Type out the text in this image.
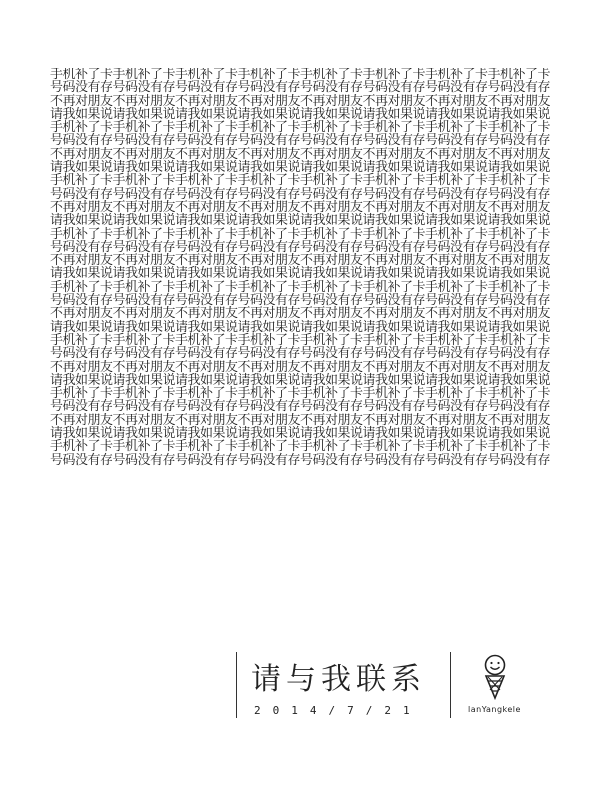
手机补了卡手机补了卡手机补了卡手机补了卡手机补了卡手机补了卡手机补了卡手机补了卡
号码没有存号码没有存号码没有存号码没有存号码没有存号码没有存号码没有存号码没有存
不再对朋友不再对朋友不再对朋友不再对朋友不再对朋友不再对朋友不再对朋友不再对朋友
请我如果说请我如果说请我如果说请我如果说请我如果说请我如果说请我如果说请我如果说
手机补了卡手机补了卡手机补了卡手机补了卡手机补了卡手机补了卡手机补了卡手机补了卡
号码没有存号码没有存号码没有存号码没有存号码没有存号码没有存号码没有存号码没有存
不再对朋友不再对朋友不再对朋友不再对朋友不再对朋友不再对朋友不再对朋友不再对朋友
请我如果说请我如果说请我如果说请我如果说请我如果说请我如果说请我如果说请我如果说
手机补了卡手机补了卡手机补了卡手机补了卡手机补了卡手机补了卡手机补了卡手机补了卡
号码没有存号码没有存号码没有存号码没有存号码没有存号码没有存号码没有存号码没有存
不再对朋友不再对朋友不再对朋友不再对朋友不再对朋友不再对朋友不再对朋友不再对朋友
请我如果说请我如果说请我如果说请我如果说请我如果说请我如果说请我如果说请我如果说
手机补了卡手机补了卡手机补了卡手机补了卡手机补了卡手机补了卡手机补了卡手机补了卡
号码没有存号码没有存号码没有存号码没有存号码没有存号码没有存号码没有存号码没有存
不再对朋友不再对朋友不再对朋友不再对朋友不再对朋友不再对朋友不再对朋友不再对朋友
请我如果说请我如果说请我如果说请我如果说请我如果说请我如果说请我如果说请我如果说
手机补了卡手机补了卡手机补了卡手机补了卡手机补了卡手机补了卡手机补了卡手机补了卡
号码没有存号码没有存号码没有存号码没有存号码没有存号码没有存号码没有存号码没有存
不再对朋友不再对朋友不再对朋友不再对朋友不再对朋友不再对朋友不再对朋友不再对朋友
请我如果说请我如果说请我如果说请我如果说请我如果说请我如果说请我如果说请我如果说
手机补了卡手机补了卡手机补了卡手机补了卡手机补了卡手机补了卡手机补了卡手机补了卡
号码没有存号码没有存号码没有存号码没有存号码没有存号码没有存号码没有存号码没有存
不再对朋友不再对朋友不再对朋友不再对朋友不再对朋友不再对朋友不再对朋友不再对朋友
请我如果说请我如果说请我如果说请我如果说请我如果说请我如果说请我如果说请我如果说
手机补了卡手机补了卡手机补了卡手机补了卡手机补了卡手机补了卡手机补了卡手机补了卡
号码没有存号码没有存号码没有存号码没有存号码没有存号码没有存号码没有存号码没有存
不再对朋友不再对朋友不再对朋友不再对朋友不再对朋友不再对朋友不再对朋友不再对朋友
请我如果说请我如果说请我如果说请我如果说请我如果说请我如果说请我如果说请我如果说
手机补了卡手机补了卡手机补了卡手机补了卡手机补了卡手机补了卡手机补了卡手机补了卡
号码没有存号码没有存号码没有存号码没有存号码没有存号码没有存号码没有存号码没有存
请与我联系
2014/7/21	lanYangkele
